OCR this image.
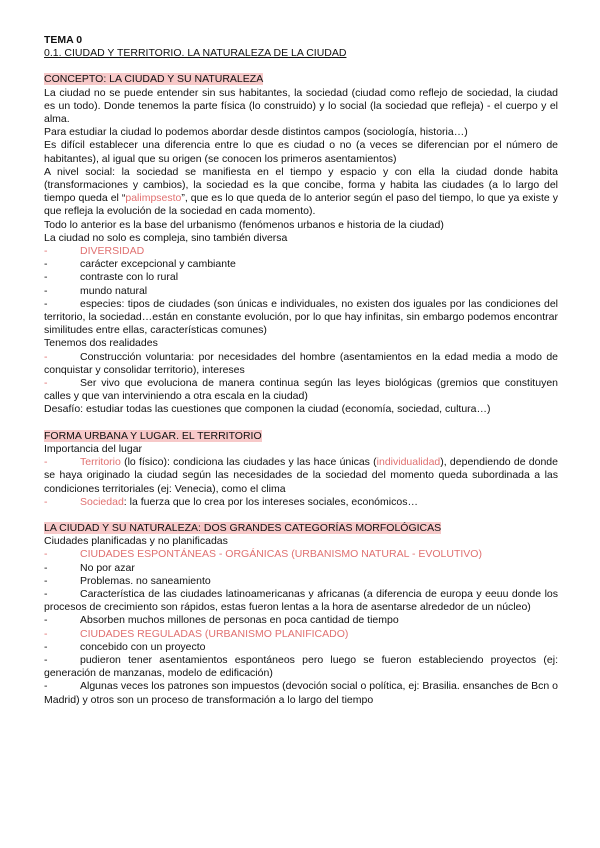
TEMA 0
0.1. CIUDAD Y TERRITORIO. LA NATURALEZA DE LA CIUDAD
CONCEPTO: LA CIUDAD Y SU NATURALEZA
La ciudad no se puede entender sin sus habitantes, la sociedad (ciudad como reflejo de sociedad, la ciudad es un todo). Donde tenemos la parte física (lo construido) y lo social (la sociedad que refleja) - el cuerpo y el alma.
Para estudiar la ciudad lo podemos abordar desde distintos campos (sociología, historia…)
Es difícil establecer una diferencia entre lo que es ciudad o no (a veces se diferencian por el número de habitantes), al igual que su origen (se conocen los primeros asentamientos)
A nivel social: la sociedad se manifiesta en el tiempo y espacio y con ella la ciudad donde habita (transformaciones y cambios), la sociedad es la que concibe, forma y habita las ciudades (a lo largo del tiempo queda el “palimpsesto”, que es lo que queda de lo anterior según el paso del tiempo, lo que ya existe y que refleja la evolución de la sociedad en cada momento).
Todo lo anterior es la base del urbanismo (fenómenos urbanos e historia de la ciudad)
La ciudad no solo es compleja, sino también diversa
-	DIVERSIDAD
-	carácter excepcional y cambiante
-	contraste con lo rural
-	mundo natural
-	especies: tipos de ciudades (son únicas e individuales, no existen dos iguales por las condiciones del territorio, la sociedad…están en constante evolución, por lo que hay infinitas, sin embargo podemos encontrar similitudes entre ellas, características comunes)
Tenemos dos realidades
-	Construcción voluntaria: por necesidades del hombre (asentamientos en la edad media a modo de conquistar y consolidar territorio), intereses
-	Ser vivo que evoluciona de manera continua según las leyes biológicas (gremios que constituyen calles y que van interviniendo a otra escala en la ciudad)
Desafío: estudiar todas las cuestiones que componen la ciudad (economía, sociedad, cultura…)
FORMA URBANA Y LUGAR. EL TERRITORIO
Importancia del lugar
-	Territorio (lo físico): condiciona las ciudades y las hace únicas (individualidad), dependiendo de donde se haya originado la ciudad según las necesidades de la sociedad del momento queda subordinada a las condiciones territoriales (ej: Venecia), como el clima
-	Sociedad: la fuerza que lo crea por los intereses sociales, económicos…
LA CIUDAD Y SU NATURALEZA: DOS GRANDES CATEGORÍAS MORFOLÓGICAS
Ciudades planificadas y no planificadas
-	CIUDADES ESPONTÁNEAS - ORGÁNICAS (URBANISMO NATURAL - EVOLUTIVO)
-	No por azar
-	Problemas. no saneamiento
-	Característica de las ciudades latinoamericanas y africanas (a diferencia de europa y eeuu donde los procesos de crecimiento son rápidos, estas fueron lentas a la hora de asentarse alrededor de un núcleo)
-	Absorben muchos millones de personas en poca cantidad de tiempo
-	CIUDADES REGULADAS (URBANISMO PLANIFICADO)
-	concebido con un proyecto
-	pudieron tener asentamientos espontáneos pero luego se fueron estableciendo proyectos (ej: generación de manzanas, modelo de edificación)
-	Algunas veces los patrones son impuestos (devoción social o política, ej: Brasilia. ensanches de Bcn o Madrid) y otros son un proceso de transformación a lo largo del tiempo
